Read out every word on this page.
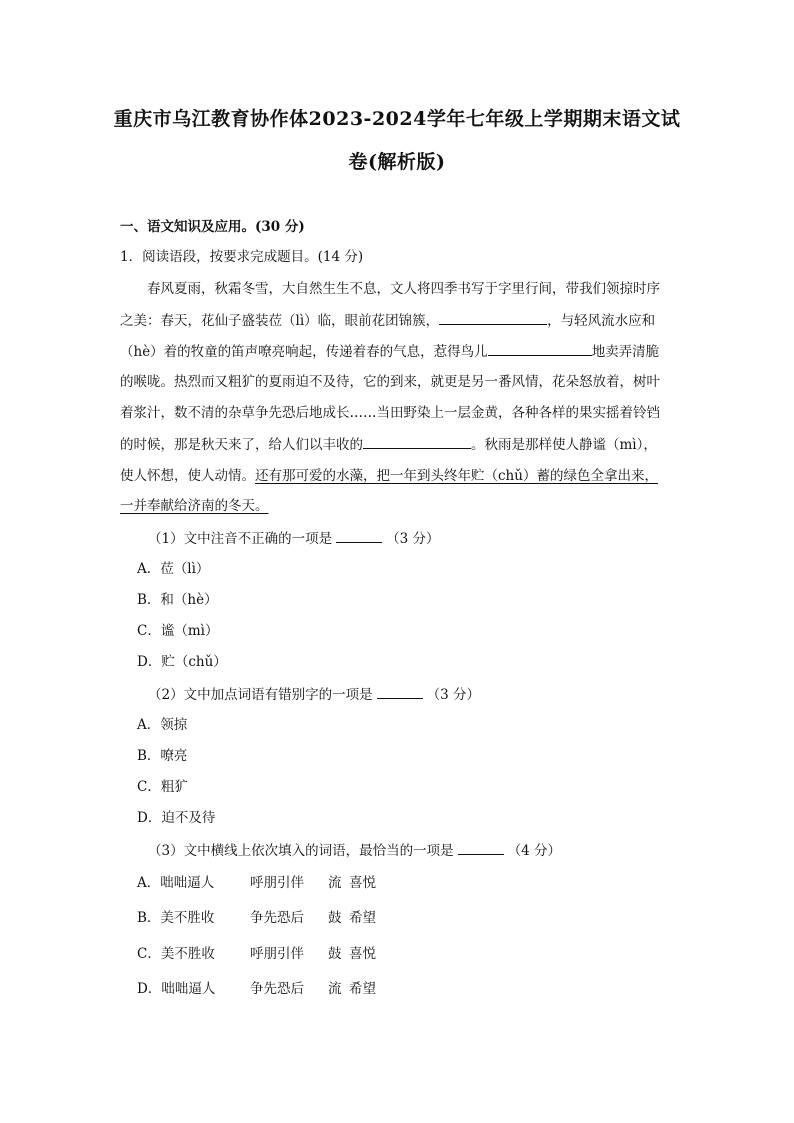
重庆市乌江教育协作体2023-2024学年七年级上学期期末语文试
卷(解析版)
一、语文知识及应用。(30 分)
1．阅读语段，按要求完成题目。(14 分)
春风夏雨，秋霜冬雪，大自然生生不息，文人将四季书写于字里行间，带我们领掠时序
之美：春天，花仙子盛装莅（lì）临，眼前花团锦簇，	，与轻风流水应和
（hè）着的牧童的笛声嘹亮响起，传递着春的气息，惹得鸟儿	地卖弄清脆
的喉咙。热烈而又粗犷的夏雨迫不及待，它的到来，就更是另一番风情，花朵怒放着，树叶
着浆汁，数不清的杂草争先恐后地成长……当田野染上一层金黄，各种各样的果实摇着铃铛
的时候，那是秋天来了，给人们以丰收的	。秋雨是那样使人静谧（mì），
使人怀想，使人动情。还有那可爱的水藻，把一年到头终年贮（chǔ）蓄的绿色全拿出来，
一并奉献给济南的冬天。
（1）文中注音不正确的一项是	（3 分）
A．莅（lì）
B．和（hè）
C．谧（mì）
D．贮（chǔ）
（2）文中加点词语有错别字的一项是	（3 分）
A．领掠
B．嘹亮
C．粗犷
D．迫不及待
（3）文中横线上依次填入的词语，最恰当的一项是	（4 分）
A．咄咄逼人	呼朋引伴 流 喜悦
B．美不胜收	争先恐后 鼓 希望
C．美不胜收	呼朋引伴 鼓 喜悦
D．咄咄逼人	争先恐后 流 希望
